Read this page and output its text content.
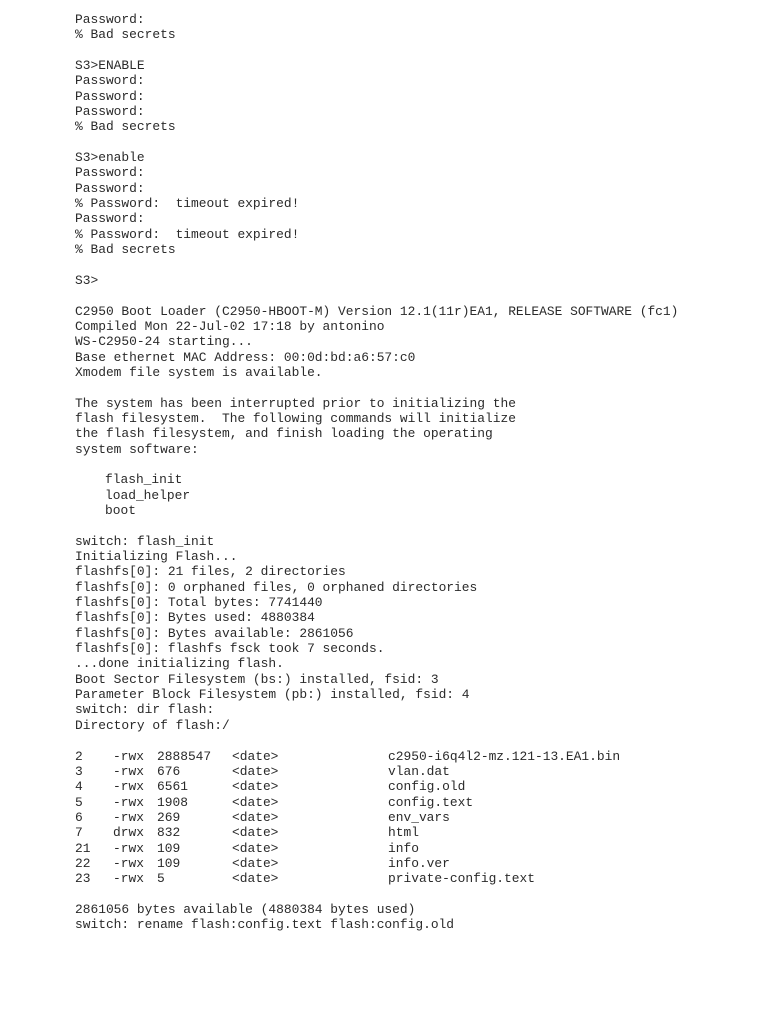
Password:
% Bad secrets
S3>ENABLE
Password:
Password:
Password:
% Bad secrets
S3>enable
Password:
Password:
% Password:  timeout expired!
Password:
% Password:  timeout expired!
% Bad secrets
S3>
C2950 Boot Loader (C2950-HBOOT-M) Version 12.1(11r)EA1, RELEASE SOFTWARE (fc1)
Compiled Mon 22-Jul-02 17:18 by antonino
WS-C2950-24 starting...
Base ethernet MAC Address: 00:0d:bd:a6:57:c0
Xmodem file system is available.
The system has been interrupted prior to initializing the
flash filesystem.  The following commands will initialize
the flash filesystem, and finish loading the operating
system software:
flash_init
load_helper
boot
switch: flash_init
Initializing Flash...
flashfs[0]: 21 files, 2 directories
flashfs[0]: 0 orphaned files, 0 orphaned directories
flashfs[0]: Total bytes: 7741440
flashfs[0]: Bytes used: 4880384
flashfs[0]: Bytes available: 2861056
flashfs[0]: flashfs fsck took 7 seconds.
...done initializing flash.
Boot Sector Filesystem (bs:) installed, fsid: 3
Parameter Block Filesystem (pb:) installed, fsid: 4
switch: dir flash:
Directory of flash:/
2 -rwx 2888547 <date>	c2950-i6q4l2-mz.121-13.EA1.bin
3 -rwx 676	<date>	vlan.dat
4 -rwx 6561	<date>	config.old
5 -rwx 1908	<date>	config.text
6 -rwx 269	<date>	env_vars
7 drwx 832	<date>	html
21 -rwx 109	<date>	info
22 -rwx 109	<date>	info.ver
23 -rwx 5	<date>	private-config.text
2861056 bytes available (4880384 bytes used)
switch: rename flash:config.text flash:config.old
